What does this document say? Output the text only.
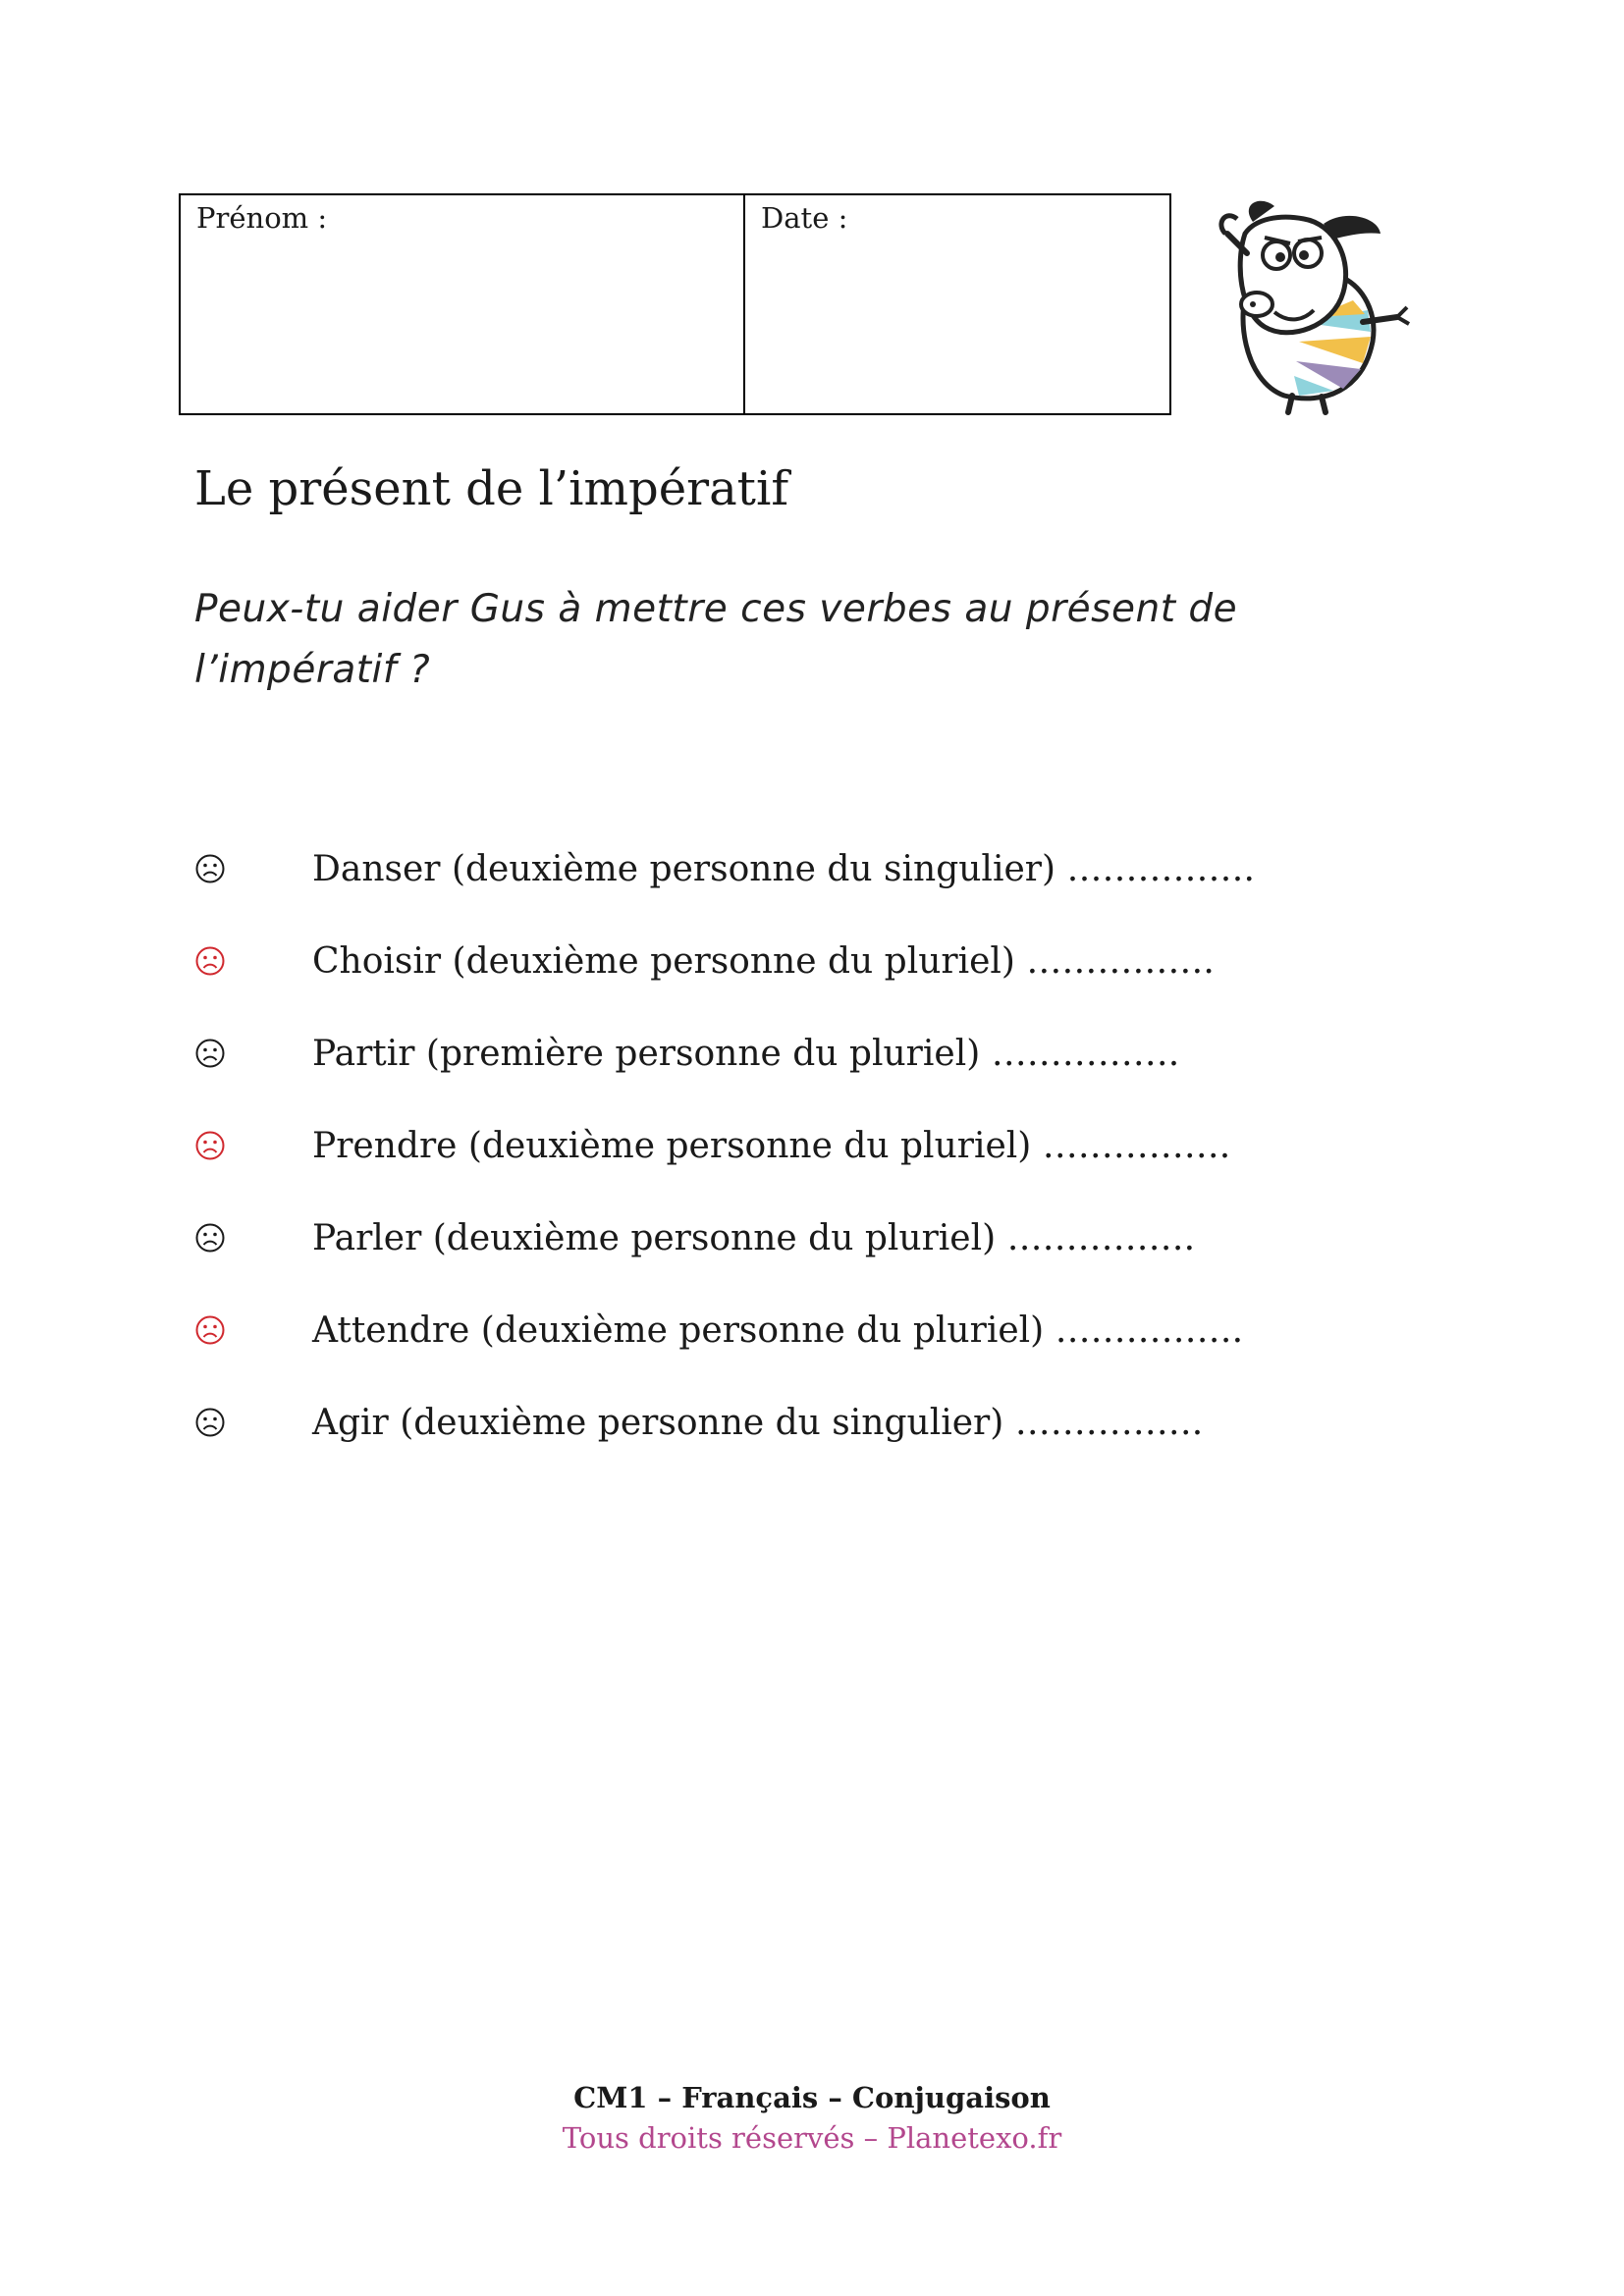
Prénom :	Date :
Le présent de l’impératif
Peux-tu aider Gus à mettre ces verbes au présent de l’impératif ?
Danser (deuxième personne du singulier) …………….
Choisir (deuxième personne du pluriel) …………….
Partir (première personne du pluriel) …………….
Prendre (deuxième personne du pluriel) …………….
Parler (deuxième personne du pluriel) …………….
Attendre (deuxième personne du pluriel) …………….
Agir (deuxième personne du singulier) …………….
CM1 – Français – Conjugaison
Tous droits réservés – Planetexo.fr
